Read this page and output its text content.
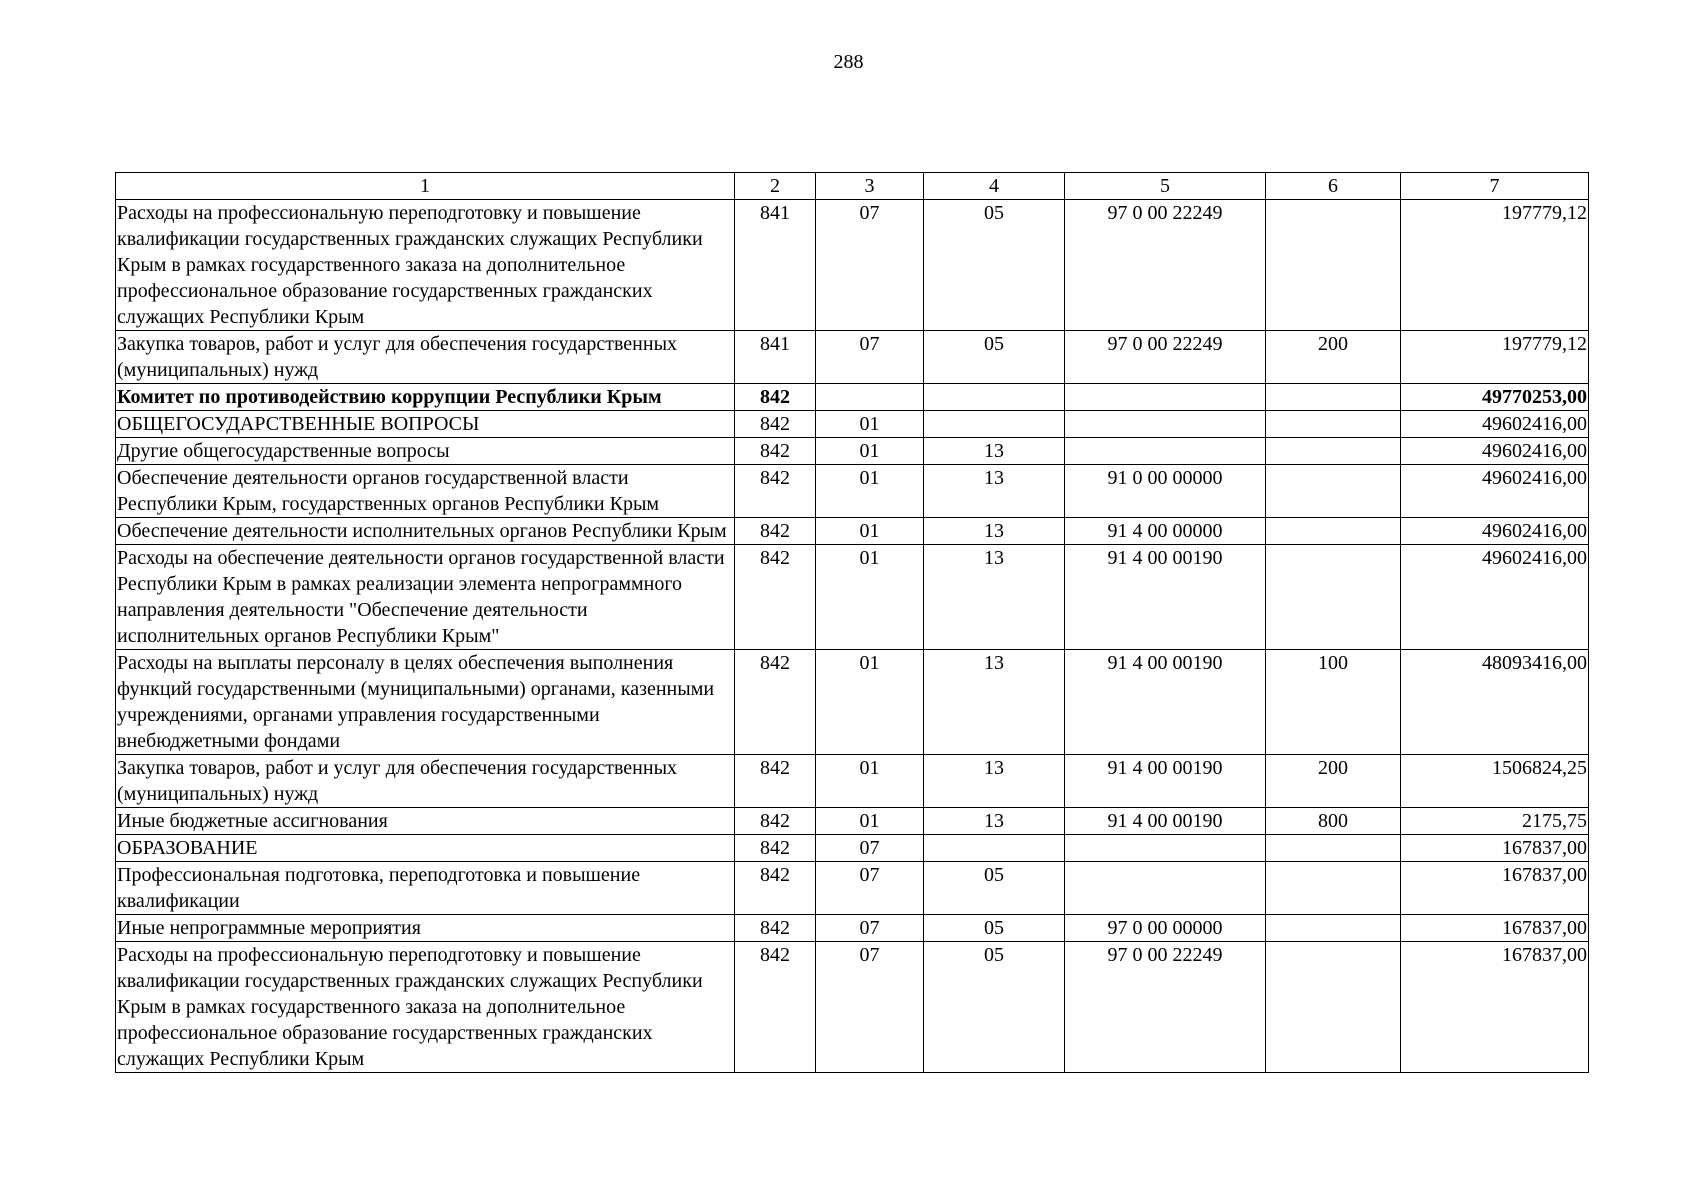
288
1	2	3	4	5	6	7
Расходы на профессиональную переподготовку и повышение квалификации государственных гражданских служащих Республики Крым в рамках государственного заказа на дополнительное профессиональное образование государственных гражданских служащих Республики Крым	841	07	05	97 0 00 22249		197779,12
Закупка товаров, работ и услуг для обеспечения государственных (муниципальных) нужд	841	07	05	97 0 00 22249	200	197779,12
Комитет по противодействию коррупции Республики Крым	842					49770253,00
ОБЩЕГОСУДАРСТВЕННЫЕ ВОПРОСЫ	842	01				49602416,00
Другие общегосударственные вопросы	842	01	13			49602416,00
Обеспечение деятельности органов государственной власти Республики Крым, государственных органов Республики Крым	842	01	13	91 0 00 00000		49602416,00
Обеспечение деятельности исполнительных органов Республики Крым	842	01	13	91 4 00 00000		49602416,00
Расходы на обеспечение деятельности органов государственной власти Республики Крым в рамках реализации элемента непрограммного направления деятельности "Обеспечение деятельности исполнительных органов Республики Крым"	842	01	13	91 4 00 00190		49602416,00
Расходы на выплаты персоналу в целях обеспечения выполнения функций государственными (муниципальными) органами, казенными учреждениями, органами управления государственными внебюджетными фондами	842	01	13	91 4 00 00190	100	48093416,00
Закупка товаров, работ и услуг для обеспечения государственных (муниципальных) нужд	842	01	13	91 4 00 00190	200	1506824,25
Иные бюджетные ассигнования	842	01	13	91 4 00 00190	800	2175,75
ОБРАЗОВАНИЕ	842	07				167837,00
Профессиональная подготовка, переподготовка и повышение квалификации	842	07	05			167837,00
Иные непрограммные мероприятия	842	07	05	97 0 00 00000		167837,00
Расходы на профессиональную переподготовку и повышение квалификации государственных гражданских служащих Республики Крым в рамках государственного заказа на дополнительное профессиональное образование государственных гражданских служащих Республики Крым	842	07	05	97 0 00 22249		167837,00
